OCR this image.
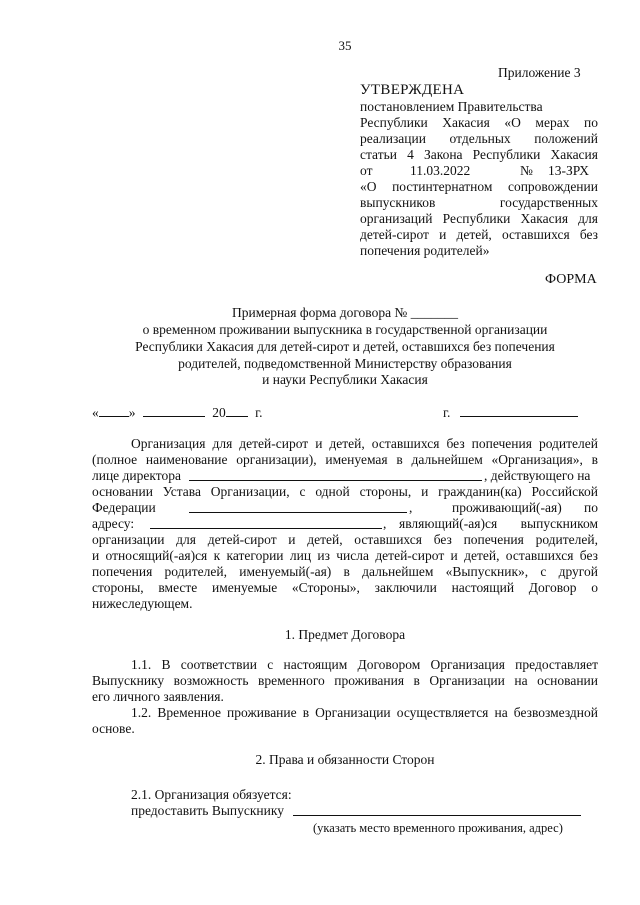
35
Приложение 3
УТВЕРЖДЕНА
постановлением Правительства
Республики Хакасия «О мерах по
реализации отдельных положений
статьи 4 Закона Республики Хакасия
от	11.03.2022	№ 13-ЗРХ
«О постинтернатном сопровождении
выпускников государственных
организаций Республики Хакасия для
детей-сирот и детей, оставшихся без
попечения родителей»
ФОРМА
Примерная форма договора № _______
о временном проживании выпускника в государственной организации
Республики Хакасия для детей-сирот и детей, оставшихся без попечения
родителей, подведомственной Министерству образования
и науки Республики Хакасия
« »	20 г.	г.
Организация для детей-сирот и детей, оставшихся без попечения родителей
(полное наименование организации), именуемая в дальнейшем «Организация», в
лице директора	, действующего на
основании Устава Организации, с одной стороны, и гражданин(ка) Российской
Федерации	,	проживающий(-ая) по
адресу:	, являющий(-ая)ся выпускником
организации для детей-сирот и детей, оставшихся без попечения родителей,
и относящий(-ая)ся к категории лиц из числа детей-сирот и детей, оставшихся без
попечения родителей, именуемый(-ая) в дальнейшем «Выпускник», с другой
стороны, вместе именуемые «Стороны», заключили настоящий Договор о
нижеследующем.
1. Предмет Договора
1.1. В соответствии с настоящим Договором Организация предоставляет
Выпускнику возможность временного проживания в Организации на основании
его личного заявления.
1.2. Временное проживание в Организации осуществляется на безвозмездной
основе.
2. Права и обязанности Сторон
2.1. Организация обязуется:
предоставить Выпускнику
(указать место временного проживания, адрес)
